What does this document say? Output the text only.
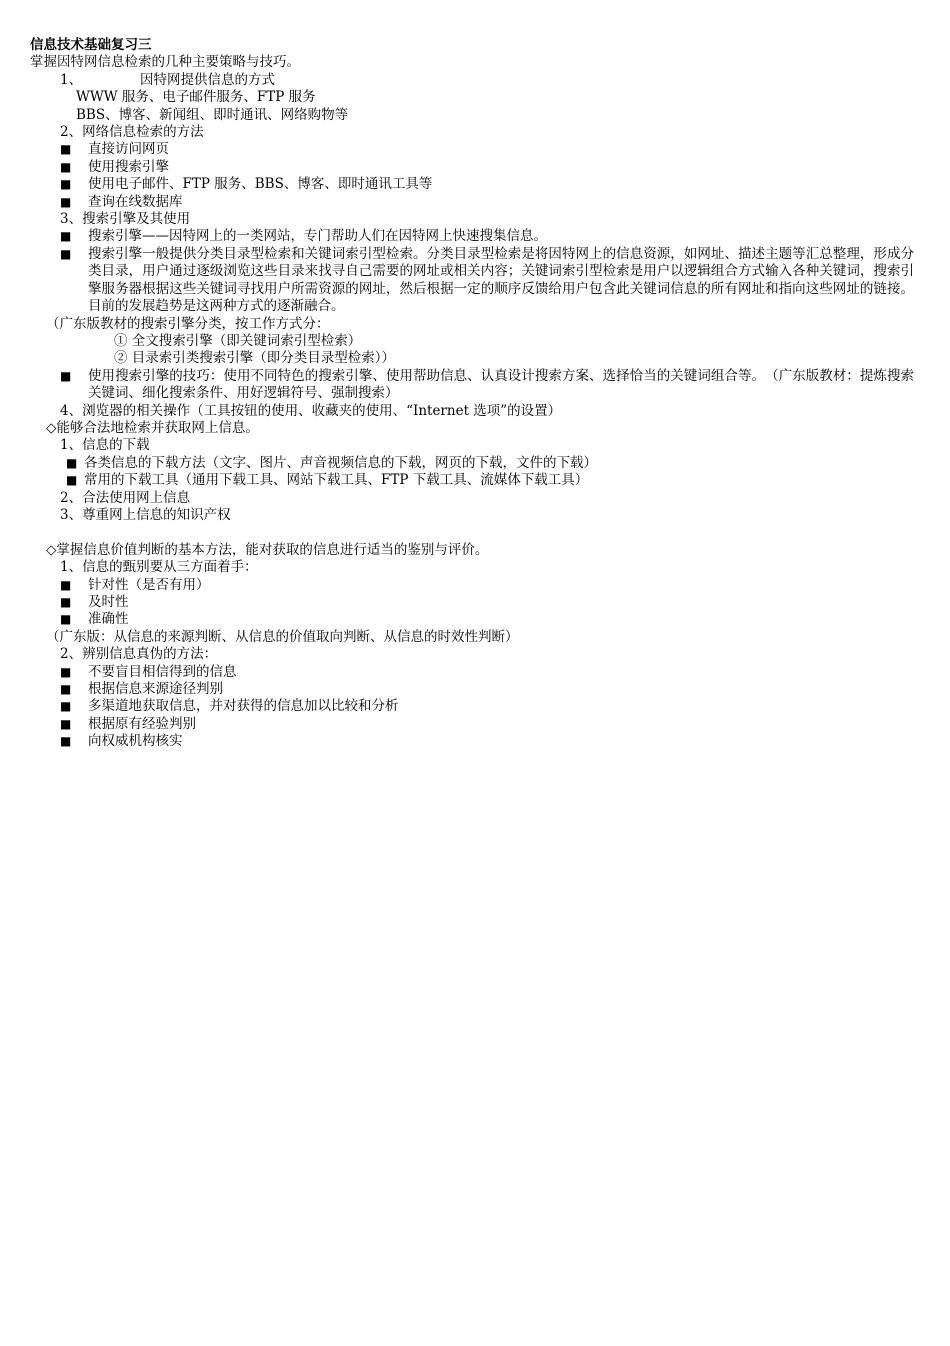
信息技术基础复习三
掌握因特网信息检索的几种主要策略与技巧。
1、	因特网提供信息的方式
WWW 服务、电子邮件服务、FTP 服务
BBS、博客、新闻组、即时通讯、网络购物等
2、网络信息检索的方法
■ 直接访问网页
■ 使用搜索引擎
■ 使用电子邮件、FTP 服务、BBS、博客、即时通讯工具等
■ 查询在线数据库
3、搜索引擎及其使用
■ 搜索引擎——因特网上的一类网站，专门帮助人们在因特网上快速搜集信息。
■ 搜索引擎一般提供分类目录型检索和关键词索引型检索。分类目录型检索是将因特网上的信息资源，如网址、描述主题等汇总整理，形成分类目录，用户通过逐级浏览这些目录来找寻自己需要的网址或相关内容；关键词索引型检索是用户以逻辑组合方式输入各种关键词，搜索引擎服务器根据这些关键词寻找用户所需资源的网址，然后根据一定的顺序反馈给用户包含此关键词信息的所有网址和指向这些网址的链接。目前的发展趋势是这两种方式的逐渐融合。
（广东版教材的搜索引擎分类，按工作方式分：
① 全文搜索引擎（即关键词索引型检索）
② 目录索引类搜索引擎（即分类目录型检索））
■ 使用搜索引擎的技巧：使用不同特色的搜索引擎、使用帮助信息、认真设计搜索方案、选择恰当的关键词组合等。　（广东版教材：提炼搜索关键词、细化搜索条件、用好逻辑符号、强制搜索）
4、浏览器的相关操作（工具按钮的使用、收藏夹的使用、“Internet 选项”的设置）
◇能够合法地检索并获取网上信息。
1、信息的下载
■ 各类信息的下载方法（文字、图片、声音视频信息的下载，网页的下载，文件的下载）
■ 常用的下载工具（通用下载工具、网站下载工具、FTP 下载工具、流媒体下载工具）
2、合法使用网上信息
3、尊重网上信息的知识产权
◇掌握信息价值判断的基本方法，能对获取的信息进行适当的鉴别与评价。
1、信息的甄别要从三方面着手：
■ 针对性（是否有用）
■ 及时性
■ 准确性
（广东版：从信息的来源判断、从信息的价值取向判断、从信息的时效性判断）
2、辨别信息真伪的方法：
■ 不要盲目相信得到的信息
■ 根据信息来源途径判别
■ 多渠道地获取信息，并对获得的信息加以比较和分析
■ 根据原有经验判别
■ 向权威机构核实
